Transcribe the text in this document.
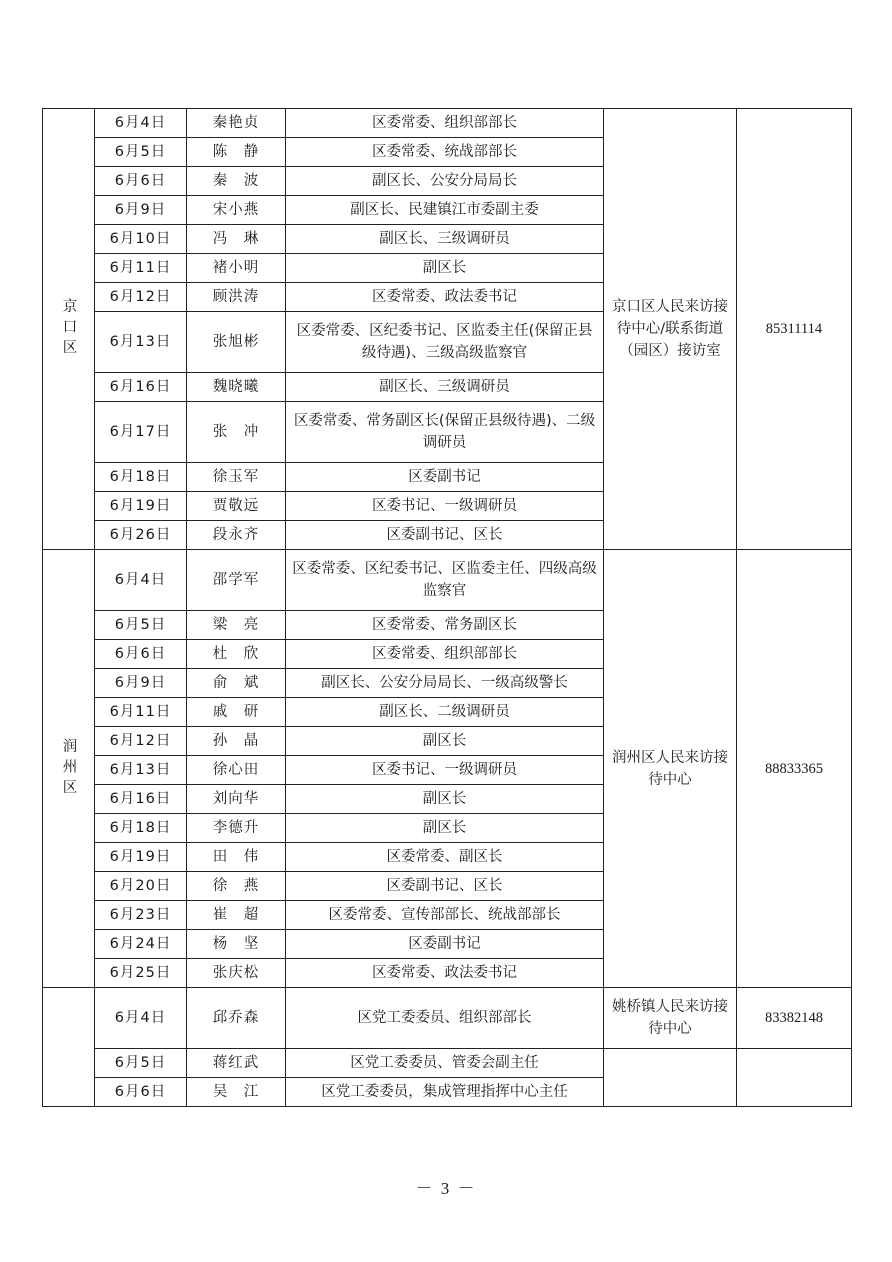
京口区	6月4日	秦艳贞	区委常委、组织部部长	京口区人民来访接待中心/联系街道（园区）接访室	85311114
	6月5日	陈　静	区委常委、统战部部长		
	6月6日	秦　波	副区长、公安分局局长		
	6月9日	宋小燕	副区长、民建镇江市委副主委		
	6月10日	冯　琳	副区长、三级调研员		
	6月11日	褚小明	副区长		
	6月12日	顾洪涛	区委常委、政法委书记		
	6月13日	张旭彬	区委常委、区纪委书记、区监委主任(保留正县级待遇)、三级高级监察官		
	6月16日	魏晓曦	副区长、三级调研员		
	6月17日	张　冲	区委常委、常务副区长(保留正县级待遇)、二级调研员		
	6月18日	徐玉军	区委副书记		
	6月19日	贾敬远	区委书记、一级调研员		
	6月26日	段永齐	区委副书记、区长		
润州区	6月4日	邵学军	区委常委、区纪委书记、区监委主任、四级高级监察官	润州区人民来访接待中心	88833365
	6月5日	梁　亮	区委常委、常务副区长		
	6月6日	杜　欣	区委常委、组织部部长		
	6月9日	俞　斌	副区长、公安分局局长、一级高级警长		
	6月11日	戚　研	副区长、二级调研员		
	6月12日	孙　晶	副区长		
	6月13日	徐心田	区委书记、一级调研员		
	6月16日	刘向华	副区长		
	6月18日	李德升	副区长		
	6月19日	田　伟	区委常委、副区长		
	6月20日	徐　燕	区委副书记、区长		
	6月23日	崔　超	区委常委、宣传部部长、统战部部长		
	6月24日	杨　坚	区委副书记		
	6月25日	张庆松	区委常委、政法委书记		
	6月4日	邱乔森	区党工委委员、组织部部长	姚桥镇人民来访接待中心	83382148
	6月5日	蒋红武	区党工委委员、管委会副主任		
	6月6日	吴　江	区党工委委员，集成管理指挥中心主任		
－ 3 －
